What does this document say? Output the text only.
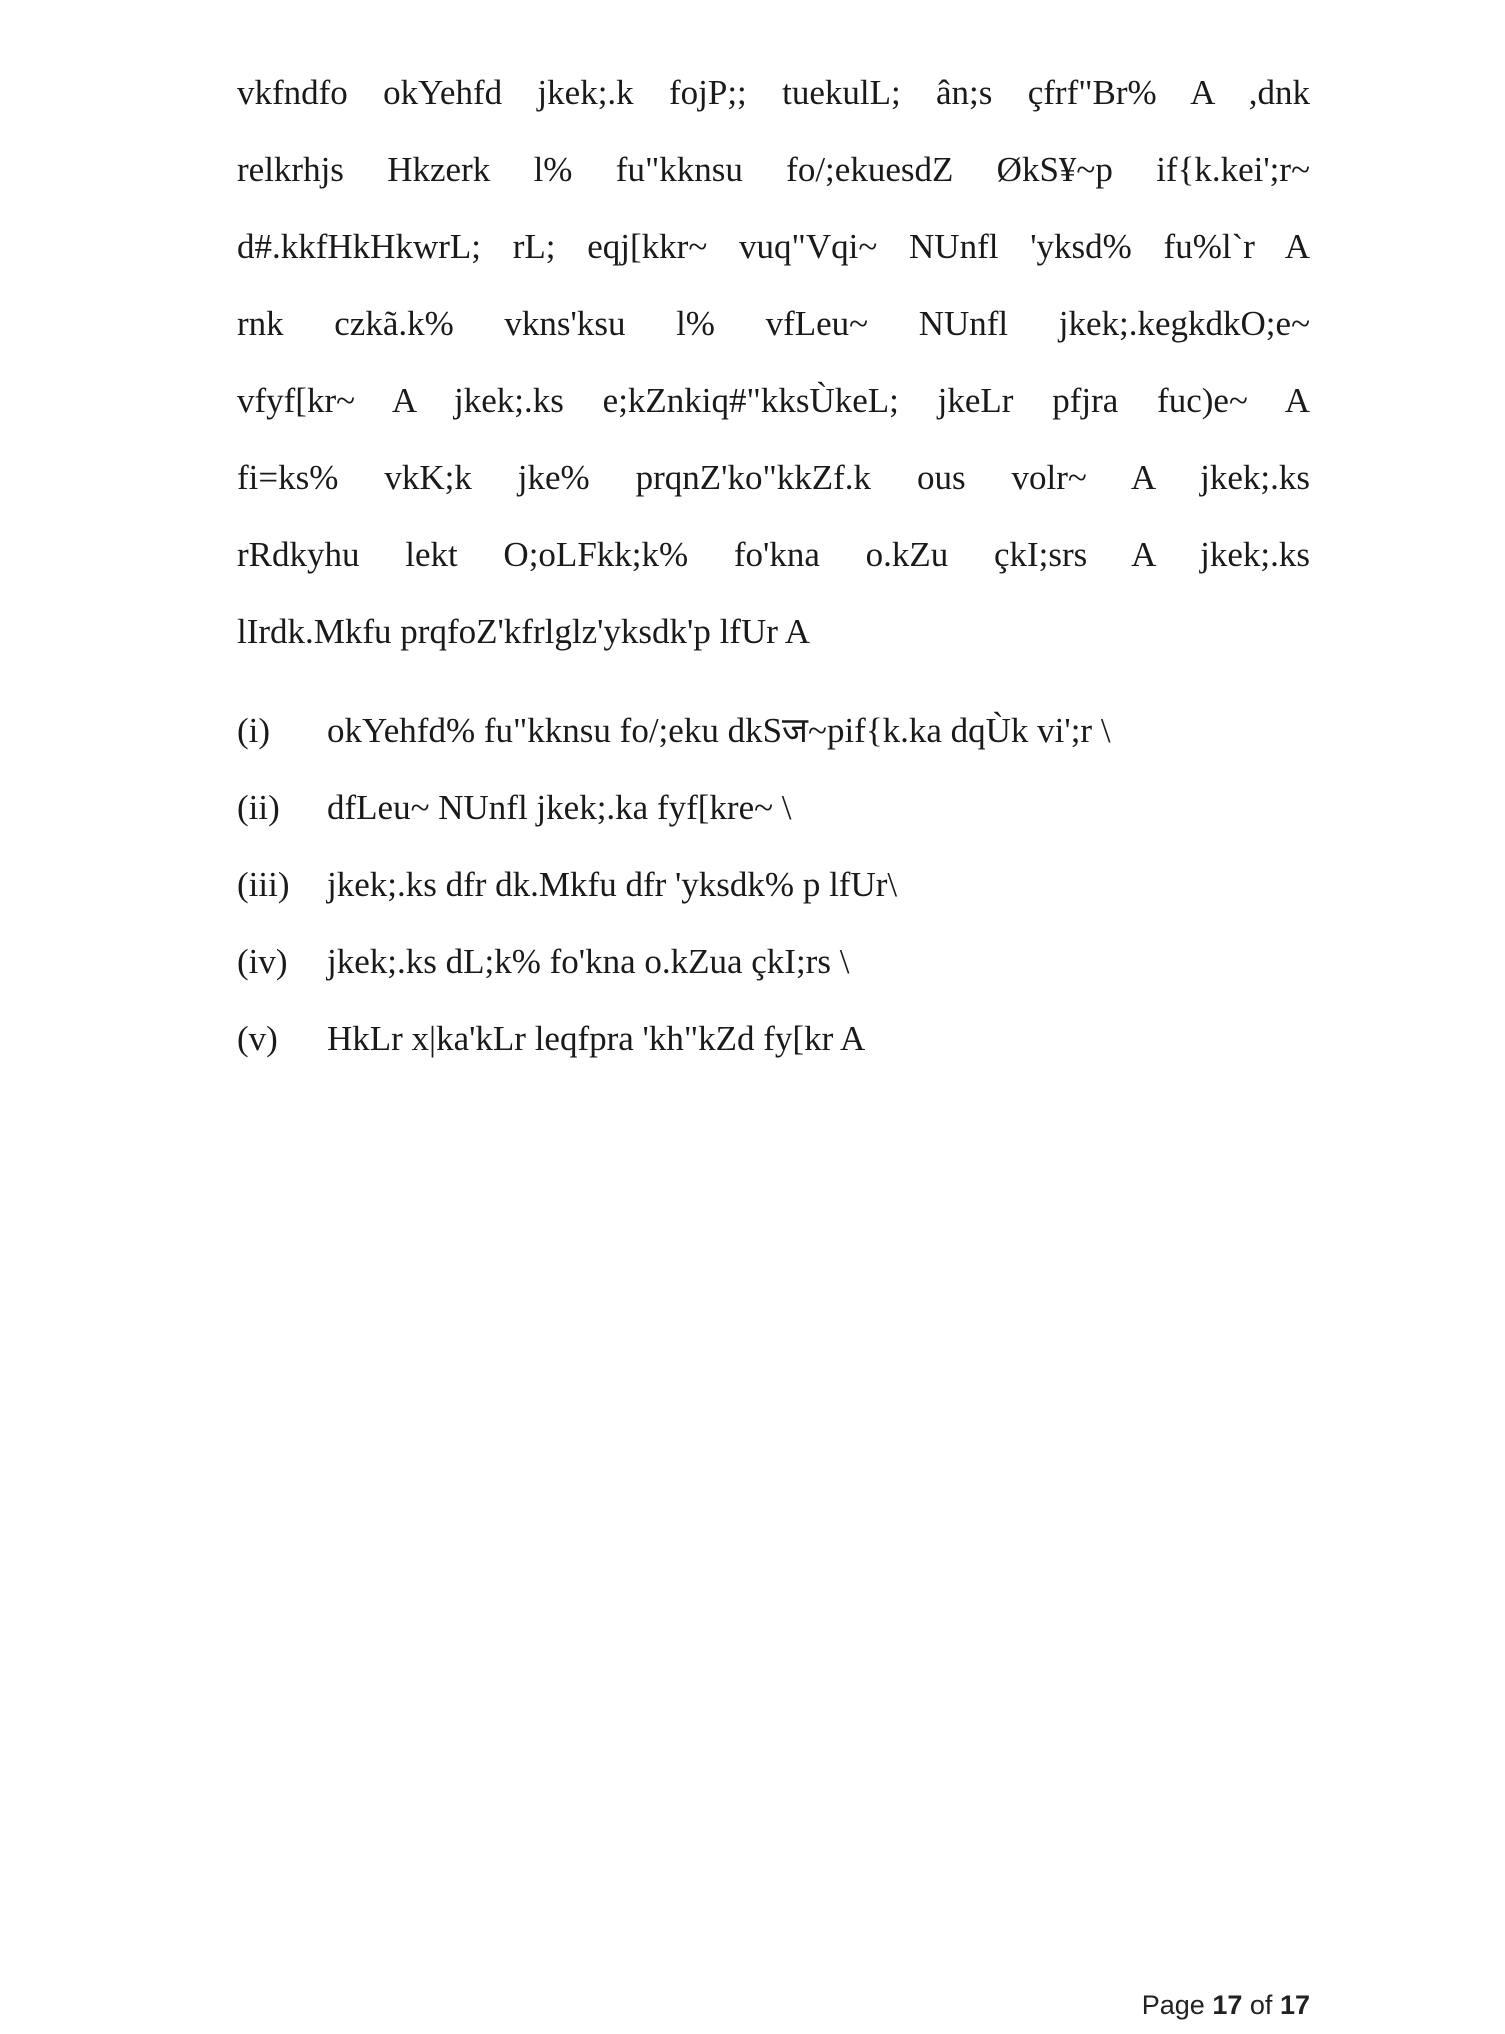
vkfndfo okYehfd jkek;.k fojP;; tuekulL; ân;s çfrf"Br% A ,dnk
relkrhjs Hkzerk l% fu"kknsu fo/;ekuesdZ ØkS¥~p if{k.kei';r~
d#.kkfHkHkwrL; rL; eqj[kkr~ vuq"Vqi~ NUnfl 'yksd% fu%l`r A
rnk czkã.k% vkns'ksu l% vfLeu~ NUnfl jkek;.kegkdkO;e~
vfyf[kr~ A jkek;.ks e;kZnkiq#"kksÙkeL; jkeLr pfjra fuc)e~ A
fi=ks% vkK;k jke% prqnZ'ko"kkZf.k ous volr~ A jkek;.ks
rRdkyhu lekt O;oLFkk;k% fo'kna o.kZu çkI;srs A jkek;.ks
lIrdk.Mkfu prqfoZ'kfrlglz'yksdk'p lfUr A
(i) okYehfd% fu"kknsu fo/;eku dkSज~pif{k.ka dqÙk vi';r \
(ii) dfLeu~ NUnfl jkek;.ka fyf[kre~ \
(iii) jkek;.ks dfr dk.Mkfu dfr 'yksdk% p lfUr\
(iv) jkek;.ks dL;k% fo'kna o.kZua çkI;rs \
(v) HkLr x|ka'kLr leqfpra 'kh"kZd fy[kr A
Page 17 of 17
